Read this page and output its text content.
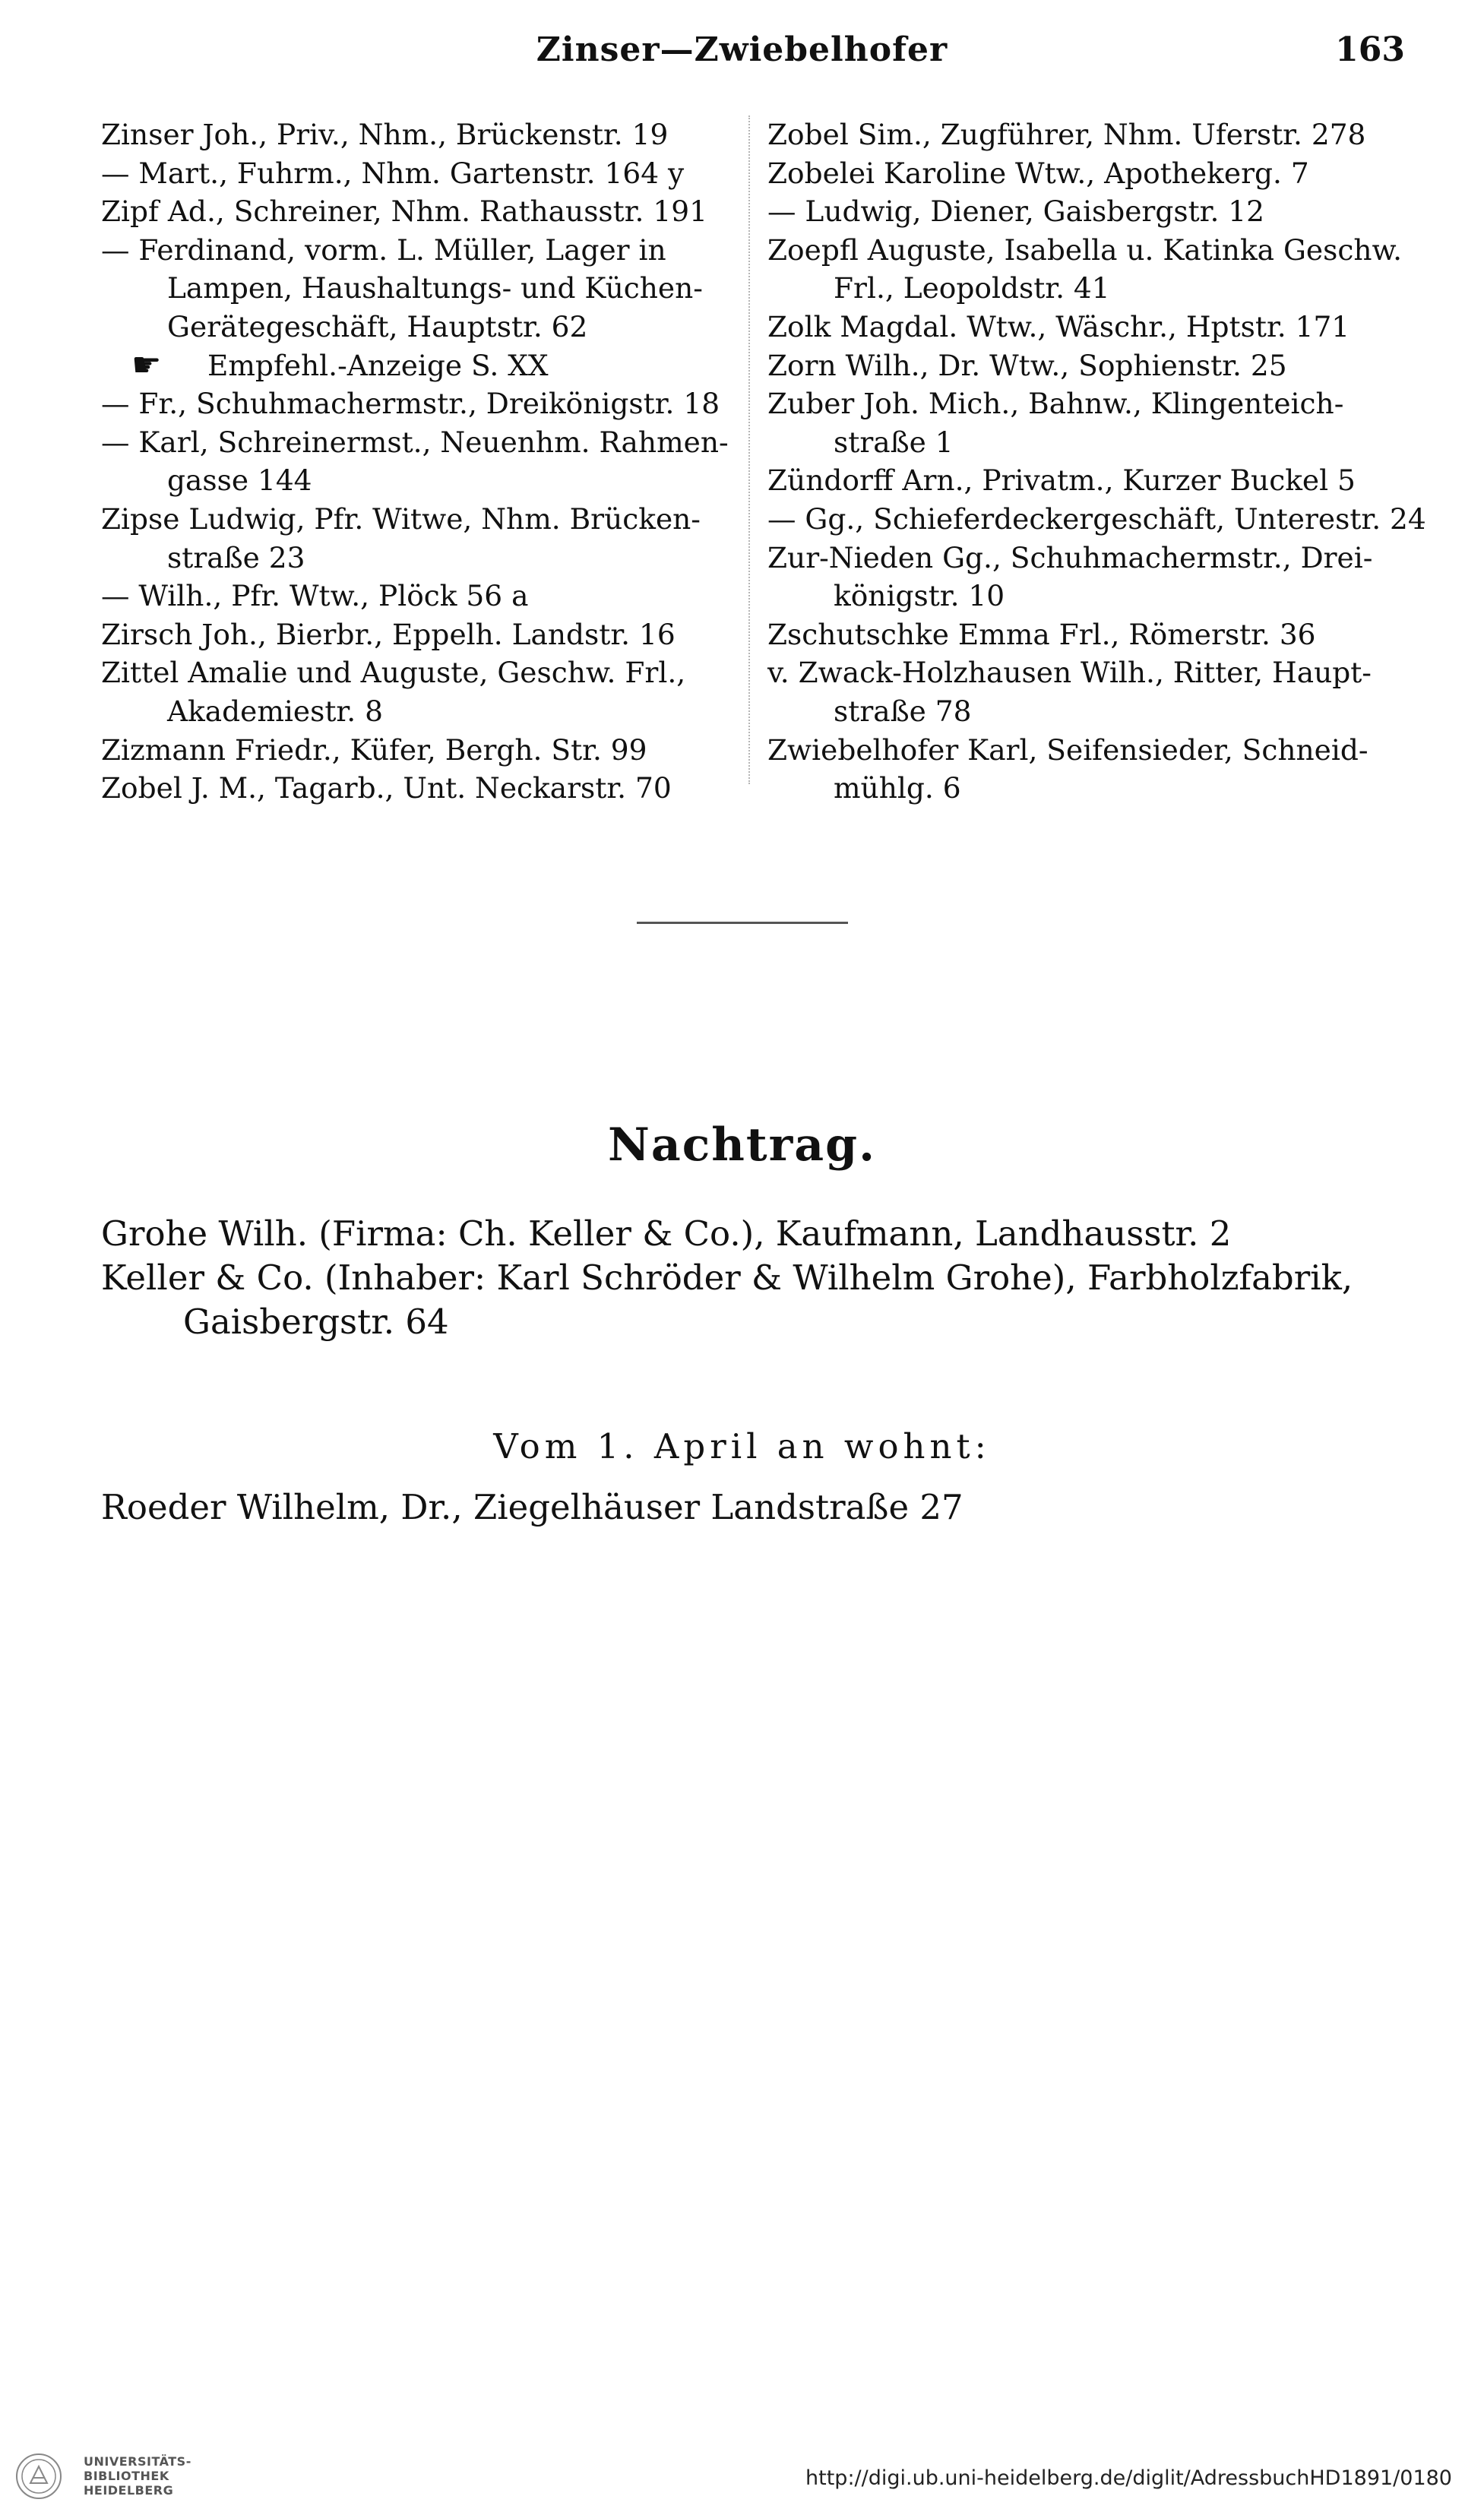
Zinser—Zwiebelhofer	163
Zinser Joh., Priv., Nhm., Brückenstr. 19
— Mart., Fuhrm., Nhm. Gartenstr. 164 y
Zipf Ad., Schreiner, Nhm. Rathausstr. 191
— Ferdinand, vorm. L. Müller, Lager in
Lampen, Haushaltungs- und Küchen-
Gerätegeschäft, Hauptstr. 62
☛ Empfehl.-Anzeige S. XX
— Fr., Schuhmachermstr., Dreikönigstr. 18
— Karl, Schreinermst., Neuenhm. Rahmen-
gasse 144
Zipse Ludwig, Pfr. Witwe, Nhm. Brücken-
straße 23
— Wilh., Pfr. Wtw., Plöck 56 a
Zirsch Joh., Bierbr., Eppelh. Landstr. 16
Zittel Amalie und Auguste, Geschw. Frl.,
Akademiestr. 8
Zizmann Friedr., Küfer, Bergh. Str. 99
Zobel J. M., Tagarb., Unt. Neckarstr. 70
Zobel Sim., Zugführer, Nhm. Uferstr. 278
Zobelei Karoline Wtw., Apothekerg. 7
— Ludwig, Diener, Gaisbergstr. 12
Zoepfl Auguste, Isabella u. Katinka Geschw.
Frl., Leopoldstr. 41
Zolk Magdal. Wtw., Wäschr., Hptstr. 171
Zorn Wilh., Dr. Wtw., Sophienstr. 25
Zuber Joh. Mich., Bahnw., Klingenteich-
straße 1
Zündorff Arn., Privatm., Kurzer Buckel 5
— Gg., Schieferdeckergeschäft, Unterestr. 24
Zur-Nieden Gg., Schuhmachermstr., Drei-
königstr. 10
Zschutschke Emma Frl., Römerstr. 36
v. Zwack-Holzhausen Wilh., Ritter, Haupt-
straße 78
Zwiebelhofer Karl, Seifensieder, Schneid-
mühlg. 6
Nachtrag.
Grohe Wilh. (Firma: Ch. Keller & Co.), Kaufmann, Landhausstr. 2
Keller & Co. (Inhaber: Karl Schröder & Wilhelm Grohe), Farbholzfabrik,
Gaisbergstr. 64
Vom 1. April an wohnt:
Roeder Wilhelm, Dr., Ziegelhäuser Landstraße 27
UNIVERSITÄTS-
BIBLIOTHEK
HEIDELBERG
http://digi.ub.uni-heidelberg.de/diglit/AdressbuchHD1891/0180
